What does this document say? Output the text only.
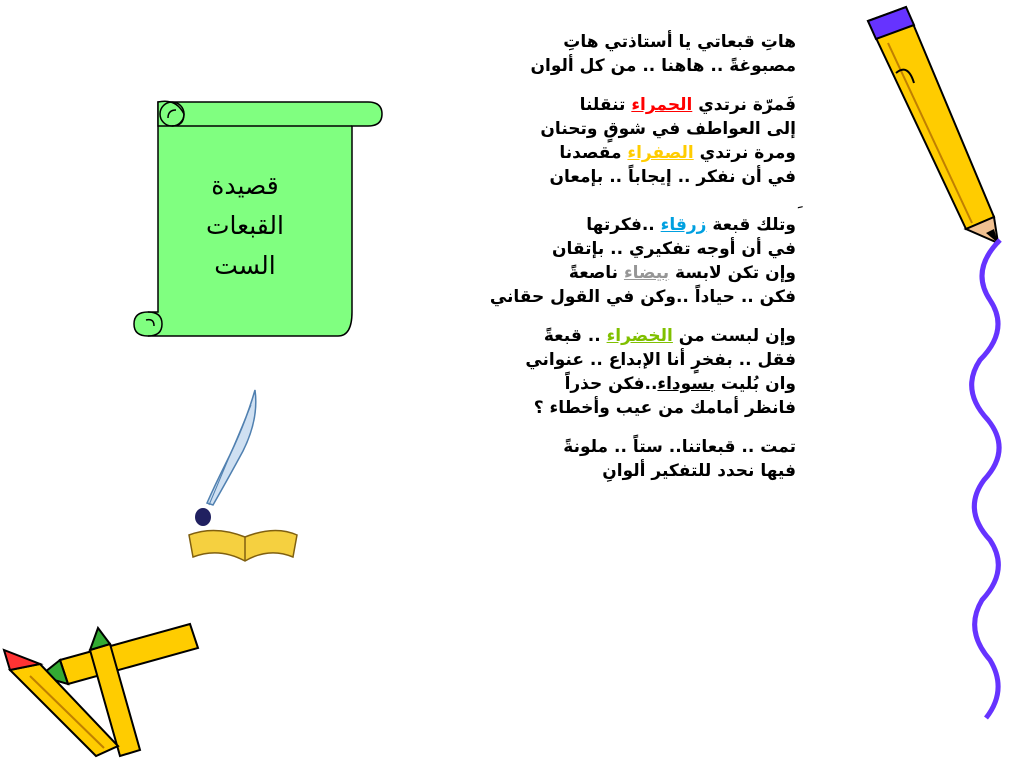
قصيدة
القبعات
الست
هاتِ قبعاتي يا أستاذتي هاتِ
مصبوغةً .. هاهنا .. من كل ألوان
فَمرّة نرتدي الحمراء تنقلنا
إلى العواطف في شوقٍ وتحنان
ومرة نرتدي الصفراء مقصدنا
في أن نفكر .. إيجاباً .. بإمعان
وتلك قبعة زرقاء ..فكرتها
في أن أوجه تفكيري .. بإتقان
وإن تكن لابسة بيضاء ناصعةً
فكن .. حياداً ..وكن في القول حقاني
وإن لبست من الخضراء .. قبعةً
فقل .. بفخرٍ أنا الإبداع .. عنواني
وان بُليت بسوداء..فكن حذراً
فانظر أمامك من عيب وأخطاء ؟
تمت .. قبعاتنا.. ستاً .. ملونةً
فيها نحدد للتفكير ألوانِ
